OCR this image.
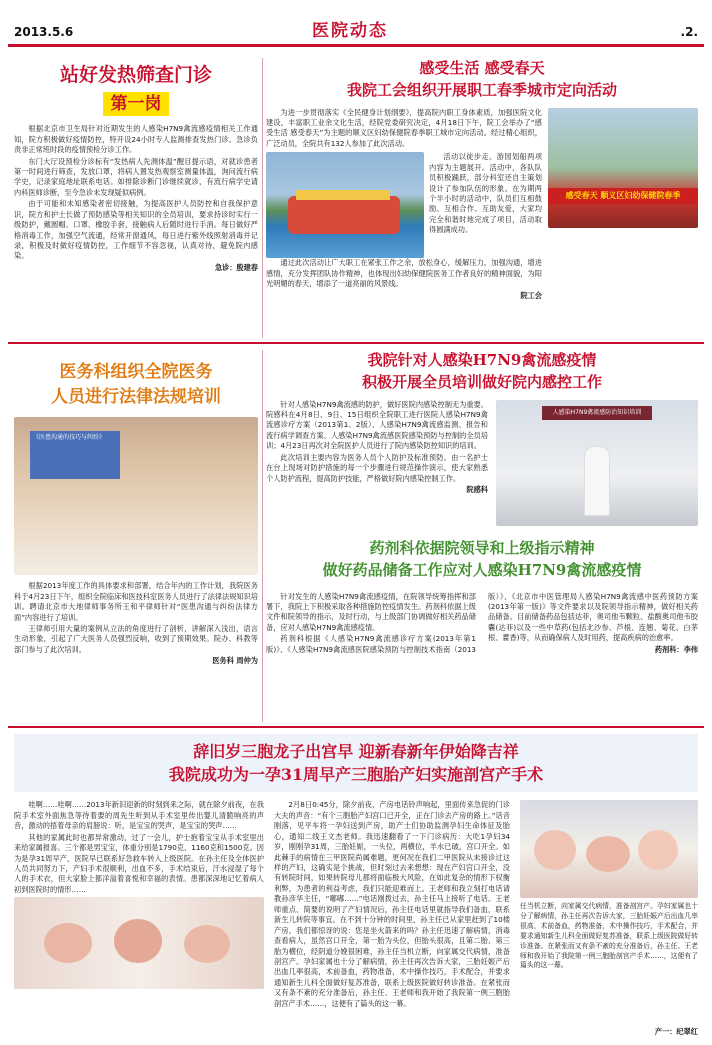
2013.5.6	医院动态	.2.
站好发热筛查门诊
第一岗

根据北京市卫生局针对近期发生的人感染H7N9禽流感疫情相关工作通知，院方积极做好疫情防控，特开设24小时专人监测排查发热门诊。急诊负责非正常班时段的疫情预检分诊工作。

东门大厅设预检分诊标有“发热病人先测体温”醒目提示语，对就诊患者第一时间进行筛查，发放口罩，将病人置发热观察室测量体温，询问流行病学史，记录家庭地址联系电话。如排除诊断门诊继续就诊，有流行病学史请内科医师诊断，至今急诊未发现疑似病例。

由于可能和未知感染者密切接触，为提高医护人员防控和自我保护意识，院方和护士长做了预防感染等相关知识的全员培训，要求持诊时实行一级防护，戴圆帽、口罩、橡胶手套，接触病人后随时进行手消。每日做好严格消毒工作，加强空气流通，经常开窗通风，每日进行紫外线照射消毒并记录，积极及时做好疫情防控，工作细节不容忽视，认真对待，避免院内感染。

急诊：殷建春
感受生活 感受春天
我院工会组织开展职工春季城市定向活动

为进一步贯彻落实《全民健身计划纲要》，提高院内职工身体素质，加强医院文化建设，丰富职工业余文化生活，经院党委研究决定，4月18日下午，院工会举办了“感受生活 感受春天”为主题的顺义区妇幼保健院春季职工城市定向活动。经过精心组织，广泛动员，全院共有132人参加了此次活动。

活动以徒步走、游园划船两项内容为主题展开。活动中，各队队员积极踊跃，部分科室还自主策划设计了参加队伍的形象。在为期两个半小时的活动中，队员们互相鼓励、互相合作、互助友爱，大家均完全和谐时地完成了项目，活动取得圆满成功。

通过此次活动让广大职工在紧张工作之余，放松身心，缓解压力，加强沟通，增进感情，充分发挥团队协作精神，也体现出妇幼保健院医务工作者良好的精神面貌，为阳光明媚的春天，增添了一道亮丽的风景线。

院工会
感受春天 顺义区妇幼保健院春季
医务科组织全院医务
人员进行法律法规培训
《医患沟通的技巧与纠纷》

根据2013年度工作的具体要求和部署，结合年内的工作计划，我院医务科于4月23日下午，组织全院临床和医技科室医务人员进行了法律法规知识培训。聘请北京市大地律师事务所王和平律师针对“医患沟通与纠纷法律方面”内容进行了培训。

王律师引用大量的案例从立法的角度进行了剖析，讲解深入浅出，语言生动形象，引起了广大医务人员强烈反响，收到了预期效果。院办、科教等部门参与了此次培训。

医务科 周仲为
我院针对人感染H7N9禽流感疫情
积极开展全员培训做好院内感控工作

针对人感染H7N9禽流感的防护，做好医院内感染控制无为重要。院感科在4月8日、9日、15日组织全院职工进行医院人感染H7N9禽流感诊疗方案（2013第1、2版）、人感染H7N9禽流感监测、报告和流行病学调查方案、人感染H7N9禽流感医院感染预防与控制的全员培训；4月23日再次对全院医护人员进行了院内感染防控知识的培训。

此次培训主要内容为医务人员个人防护及标准预防。由一名护士在台上现场对防护措施的每一个步骤进行规范操作演示，使大家熟悉个人防护流程，提高防护技能，严格做好院内感染控制工作。

院感科
人感染H7N9禽流感防治知识培训
药剂科依据院领导和上级指示精神
做好药品储备工作应对人感染H7N9禽流感疫情

针对发生的人感染H7N9禽流感疫情，在院领导统筹指挥和部署下，我院上下积极采取各种措施防控疫情发生。药剂科依据上级文件和院领导的指示，及时行动，与上级部门协调做好相关药品储备，应对人感染H7N9禽流感疫情。

药剂科根据《人感染H7N9禽流感诊疗方案(2013年第1版)》、《人感染H7N9禽流感医院感染预防与控制技术指南（2013版）》、《北京市中医管理局人感染H7N9禽流感中医药预防方案(2013年第一版)》等文件要求以及院领导指示精神，做好相关药品储备。目前储备药品包括达菲，奥司他韦颗粒、盐酸奥司他韦胶囊(达菲)以及一些中草药(包括北沙参、芦根、连翘、菊花、白茅根、藿香)等，从而确保病人及时用药，提高疾病的治愈率。

药剂科：李伟
辞旧岁三胞龙子出宫早 迎新春新年伊始降吉祥
我院成功为一孕31周早产三胞胎产妇实施剖宫产手术

哇啊……哇啊……2013年新旧迎新的时刻到来之际，就在除夕前夜，在我院手术室外面焦急等待着要的周先生听到从手术室里传出婴儿清脆响亮的声音，激动的捂着母亲的肩膀说：听，是宝宝的哭声，是宝宝的哭声……

其他的家属此时也都异常激动，过了一会儿，护士抱着宝宝从手术室里出来给家属报喜。三个都是男宝宝，体重分别是1790克、1160克和1500克。因为是孕31周早产，医院早已联系好急救车转入上级医院。在孙主任及全体医护人员共同努力下，产妇手术很顺利，出血不多，手术结束后，汗水浸湿了每个人的手术衣，但大家脸上都洋溢着喜悦和幸福的表情。患都深深地记忆着病人初到医院时的情形……

2月8日0:45分，除夕前夜，产房电话铃声响起，里面传来急促的门诊大夫的声音：“有个三胞胎产妇宫口已开全，正在门诊去产房的路上。”话音刚落，见平车将一孕妇送到产房，助产士们协助监测孕妇生命体征及胎心，通知二线王文杰老师。我迅速翻看了一下门诊病历：大吃1孕妇34岁，刚刚孕31周，三胎妊娠，一头位，两横位，羊水已破，宫口开全。如此棘手的病情在三甲医院尚属难题，更何况在我们二甲医院从未接诊过这样的产妇，这确实是个挑战，但时刻过去来想想：现在产妇宫口开全，没有转院时间，如果转院母儿都将面临极大风险，在如此复杂的情形下权衡利弊，为患者的利益考虑，我们只能迎难而上。王老师和我立刻打电话请教孙彦华主任，“嘟嘟……”电话刚拨过去，孙主任马上接听了电话。王老师重点、简要的说明了产妇情况后，孙主任电话里就指导我们备血，联系新生儿转院等事宜。在不到十分钟的时间里，孙主任已从家里赶到了10楼产房，我们都惊讶的说：您是坐火箭来的吗？孙主任迅速了解病情，消毒查看病人，虽然宫口开全，第一胎为头位，但胎头很高，且第二胎、第三胎为横位，经阴道分娩很困难，孙主任当机立断，向家属交代病情，准备剖宫产。孕妇家属也十分了解病情，孙主任再次告诉大家，三胎妊娠产后出血几率很高，术前备血，药物准备，术中操作技巧，手术配合，并要求通知新生儿科全面做好复苏准备，联系上级医院做好转诊准备。在紧张而又有条不紊的充分准备后，孙主任、王老师和我开始了我院第一例三胞胎剖宫产手术……，这便有了篇头的这一幕。

任当机立断，向家属交代病情，准备剖宫产。孕妇家属也十分了解病情，孙主任再次告诉大家，三胎妊娠产后出血几率很高，术前备血，药物准备，术中操作技巧，手术配合，并要求通知新生儿科全面做好复苏准备，联系上级医院做好转诊准备。在紧张而又有条不紊的充分准备后，孙主任、王老师和我开始了我院第一例三胞胎剖宫产手术……，这便有了篇头的这一幕。

产一：纪翠红
